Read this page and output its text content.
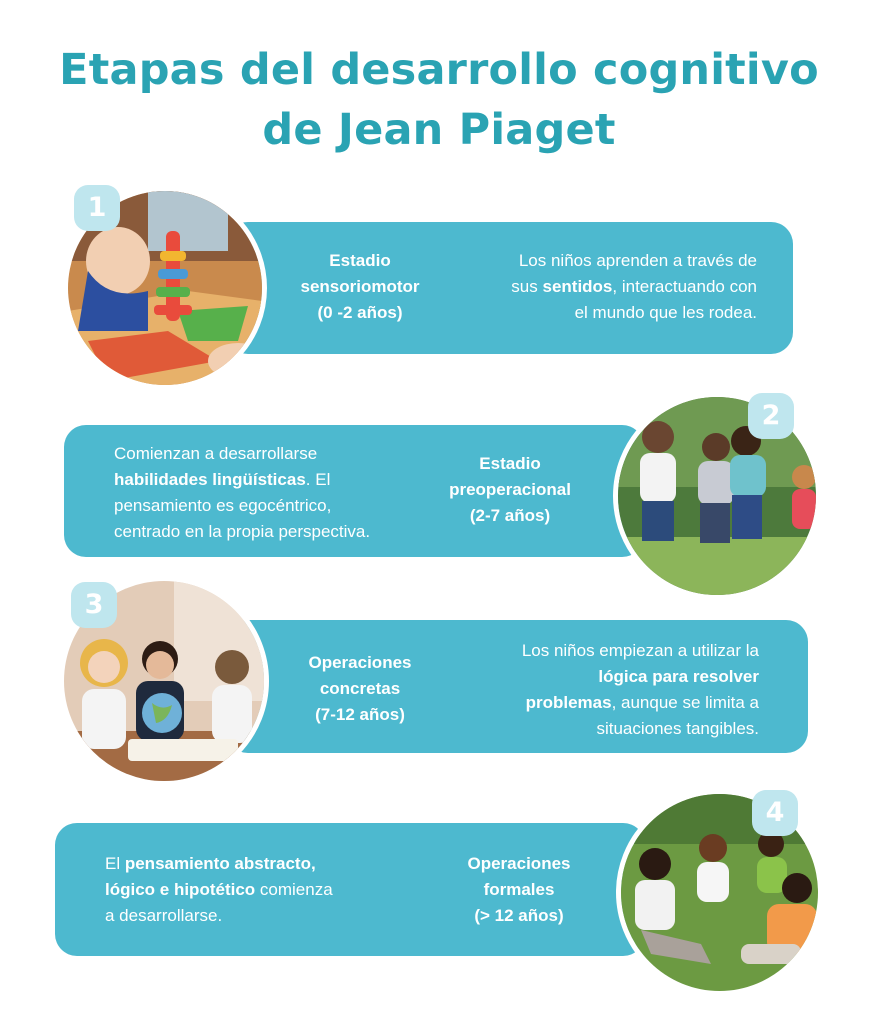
Etapas del desarrollo cognitivo
de Jean Piaget
Estadio
sensoriomotor
(0 -2 años)
Los niños aprenden a través de
sus sentidos, interactuando con
el mundo que les rodea.
1
Comienzan a desarrollarse
habilidades lingüísticas. El
pensamiento es egocéntrico,
centrado en la propia perspectiva.
Estadio
preoperacional
(2-7 años)
2
Operaciones
concretas
(7-12 años)
Los niños empiezan a utilizar la
lógica para resolver
problemas, aunque se limita a
situaciones tangibles.
3
El pensamiento abstracto,
lógico e hipotético comienza
a desarrollarse.
Operaciones
formales
(> 12 años)
4
